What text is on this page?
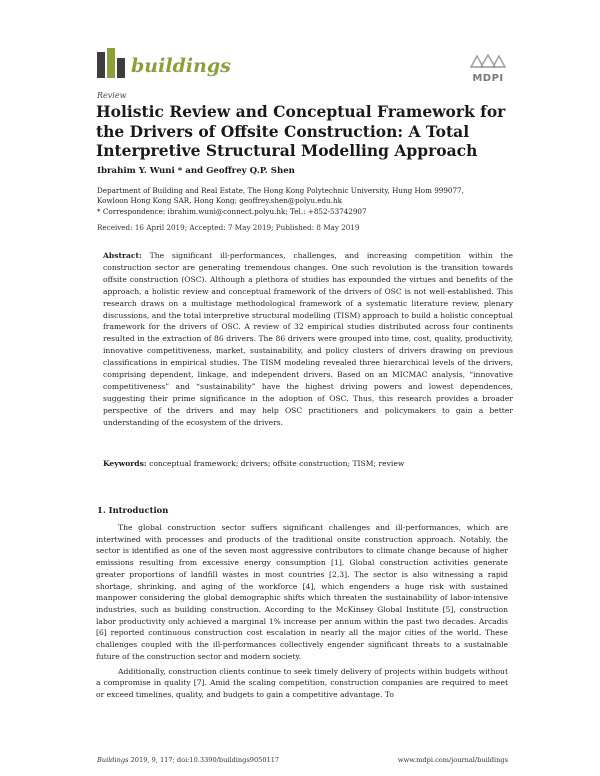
buildings
MDPI
Review
Holistic Review and Conceptual Framework for the Drivers of Offsite Construction: A Total Interpretive Structural Modelling Approach
Ibrahim Y. Wuni * and Geoffrey Q.P. Shen
Department of Building and Real Estate, The Hong Kong Polytechnic University, Hung Hom 999077,
Kowloon Hong Kong SAR, Hong Kong; geoffrey.shen@polyu.edu.hk
* Correspondence: ibrahim.wuni@connect.polyu.hk; Tel.: +852-53742907
Received: 16 April 2019; Accepted: 7 May 2019; Published: 8 May 2019
Abstract: The significant ill-performances, challenges, and increasing competition within the construction sector are generating tremendous changes. One such revolution is the transition towards offsite construction (OSC). Although a plethora of studies has expounded the virtues and benefits of the approach, a holistic review and conceptual framework of the drivers of OSC is not well-established. This research draws on a multistage methodological framework of a systematic literature review, plenary discussions, and the total interpretive structural modelling (TISM) approach to build a holistic conceptual framework for the drivers of OSC. A review of 32 empirical studies distributed across four continents resulted in the extraction of 86 drivers. The 86 drivers were grouped into time, cost, quality, productivity, innovative competitiveness, market, sustainability, and policy clusters of drivers drawing on previous classifications in empirical studies. The TISM modeling revealed three hierarchical levels of the drivers, comprising dependent, linkage, and independent drivers. Based on an MICMAC analysis, “innovative competitiveness” and “sustainability” have the highest driving powers and lowest dependences, suggesting their prime significance in the adoption of OSC. Thus, this research provides a broader perspective of the drivers and may help OSC practitioners and policymakers to gain a better understanding of the ecosystem of the drivers.
Keywords: conceptual framework; drivers; offsite construction; TISM; review
1. Introduction

The global construction sector suffers significant challenges and ill-performances, which are intertwined with processes and products of the traditional onsite construction approach. Notably, the sector is identified as one of the seven most aggressive contributors to climate change because of higher emissions resulting from excessive energy consumption [1]. Global construction activities generate greater proportions of landfill wastes in most countries [2,3]. The sector is also witnessing a rapid shortage, shrinking, and aging of the workforce [4], which engenders a huge risk with sustained manpower considering the global demographic shifts which threaten the sustainability of labor-intensive industries, such as building construction. According to the McKinsey Global Institute [5], construction labor productivity only achieved a marginal 1% increase per annum within the past two decades. Arcadis [6] reported continuous construction cost escalation in nearly all the major cities of the world. These challenges coupled with the ill-performances collectively engender significant threats to a sustainable future of the construction sector and modern society.

Additionally, construction clients continue to seek timely delivery of projects within budgets without a compromise in quality [7]. Amid the scaling competition, construction companies are required to meet or exceed timelines, quality, and budgets to gain a competitive advantage. To

Buildings 2019, 9, 117; doi:10.3390/buildings9050117	www.mdpi.com/journal/buildings
